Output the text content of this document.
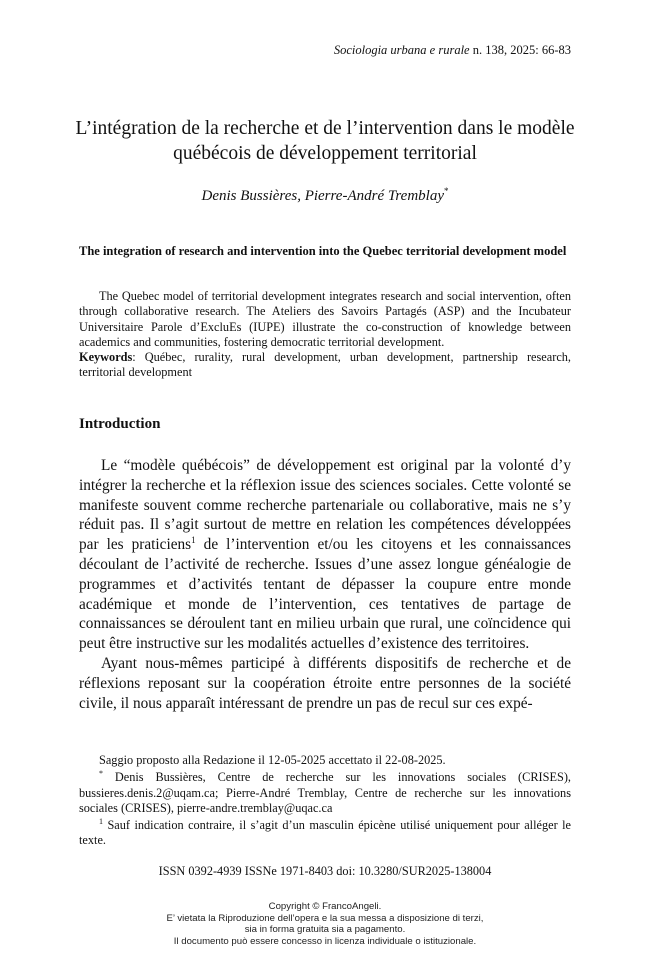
Sociologia urbana e rurale n. 138, 2025: 66-83
L’intégration de la recherche et de l’intervention dans le modèle québécois de développement territorial
Denis Bussières, Pierre-André Tremblay*
The integration of research and intervention into the Quebec territorial development model

The Quebec model of territorial development integrates research and social intervention, often through collaborative research. The Ateliers des Savoirs Partagés (ASP) and the Incubateur Universitaire Parole d’ExcluEs (IUPE) illustrate the co-construction of knowledge between academics and communities, fostering democratic territorial development.

Keywords: Québec, rurality, rural development, urban development, partnership research, territorial development

Introduction

Le “modèle québécois” de développement est original par la volonté d’y intégrer la recherche et la réflexion issue des sciences sociales. Cette volonté se manifeste souvent comme recherche partenariale ou collaborative, mais ne s’y réduit pas. Il s’agit surtout de mettre en relation les compétences développées par les praticiens$^1$ de l’intervention et/ou les citoyens et les connaissances découlant de l’activité de recherche. Issues d’une assez longue généalogie de programmes et d’activités tentant de dépasser la coupure entre monde académique et monde de l’intervention, ces tentatives de partage de connaissances se déroulent tant en milieu urbain que rural, une coïncidence qui peut être instructive sur les modalités actuelles d’existence des territoires.

Ayant nous-mêmes participé à différents dispositifs de recherche et de réflexions reposant sur la coopération étroite entre personnes de la société civile, il nous apparaît intéressant de prendre un pas de recul sur ces expé-

Saggio proposto alla Redazione il 12-05-2025 accettato il 22-08-2025.

* Denis Bussières, Centre de recherche sur les innovations sociales (CRISES), bussieres.denis.2@uqam.ca; Pierre-André Tremblay, Centre de recherche sur les innovations sociales (CRISES), pierre-andre.tremblay@uqac.ca

$^1$ Sauf indication contraire, il s’agit d’un masculin épicène utilisé uniquement pour alléger le texte.

ISSN 0392-4939 ISSNe 1971-8403 doi: 10.3280/SUR2025-138004
Copyright © FrancoAngeli.
E’ vietata la Riproduzione dell’opera e la sua messa a disposizione di terzi,
sia in forma gratuita sia a pagamento.
Il documento può essere concesso in licenza individuale o istituzionale.
